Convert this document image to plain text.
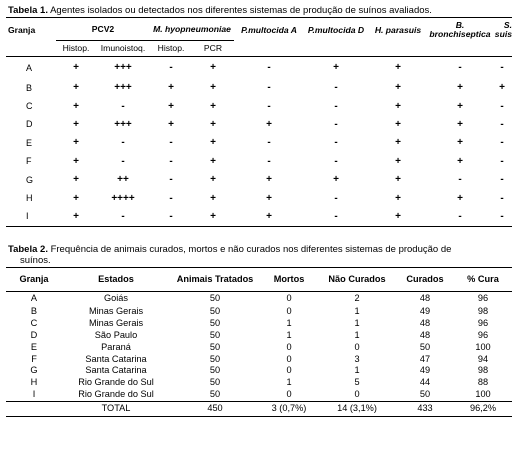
Tabela 1. Agentes isolados ou detectados nos diferentes sistemas de produção de suínos avaliados.
Granja	PCV2		M. hyopneumoniae		P.multocida A	P.multocida D	H. parasuis	B. bronchiseptica	S. suis
	Histop.	Imunoistoq.	Histop.	PCR					

A	+	+++	-	+	-	+	+	-	-
B	+	+++	+	+	-	-	+	+	+
C	+	-	+	+	-	-	+	+	-
D	+	+++	+	+	+	-	+	+	-
E	+	-	-	+	-	-	+	+	-
F	+	-	-	+	-	-	+	+	-
G	+	++	-	+	+	+	+	-	-
H	+	++++	-	+	+	-	+	+	-
I	+	-	-	+	+	-	+	-	-
Tabela 2. Frequência de animais curados, mortos e não curados nos diferentes sistemas de produção de
suínos.
Granja	Estados	Animais Tratados	Mortos	Não Curados	Curados	% Cura
A	Goiás	50	0	2	48	96
B	Minas Gerais	50	0	1	49	98
C	Minas Gerais	50	1	1	48	96
D	São Paulo	50	1	1	48	96
E	Paraná	50	0	0	50	100
F	Santa Catarina	50	0	3	47	94
G	Santa Catarina	50	0	1	49	98
H	Rio Grande do Sul	50	1	5	44	88
I	Rio Grande do Sul	50	0	0	50	100
	TOTAL	450	3 (0,7%)	14 (3,1%)	433	96,2%
